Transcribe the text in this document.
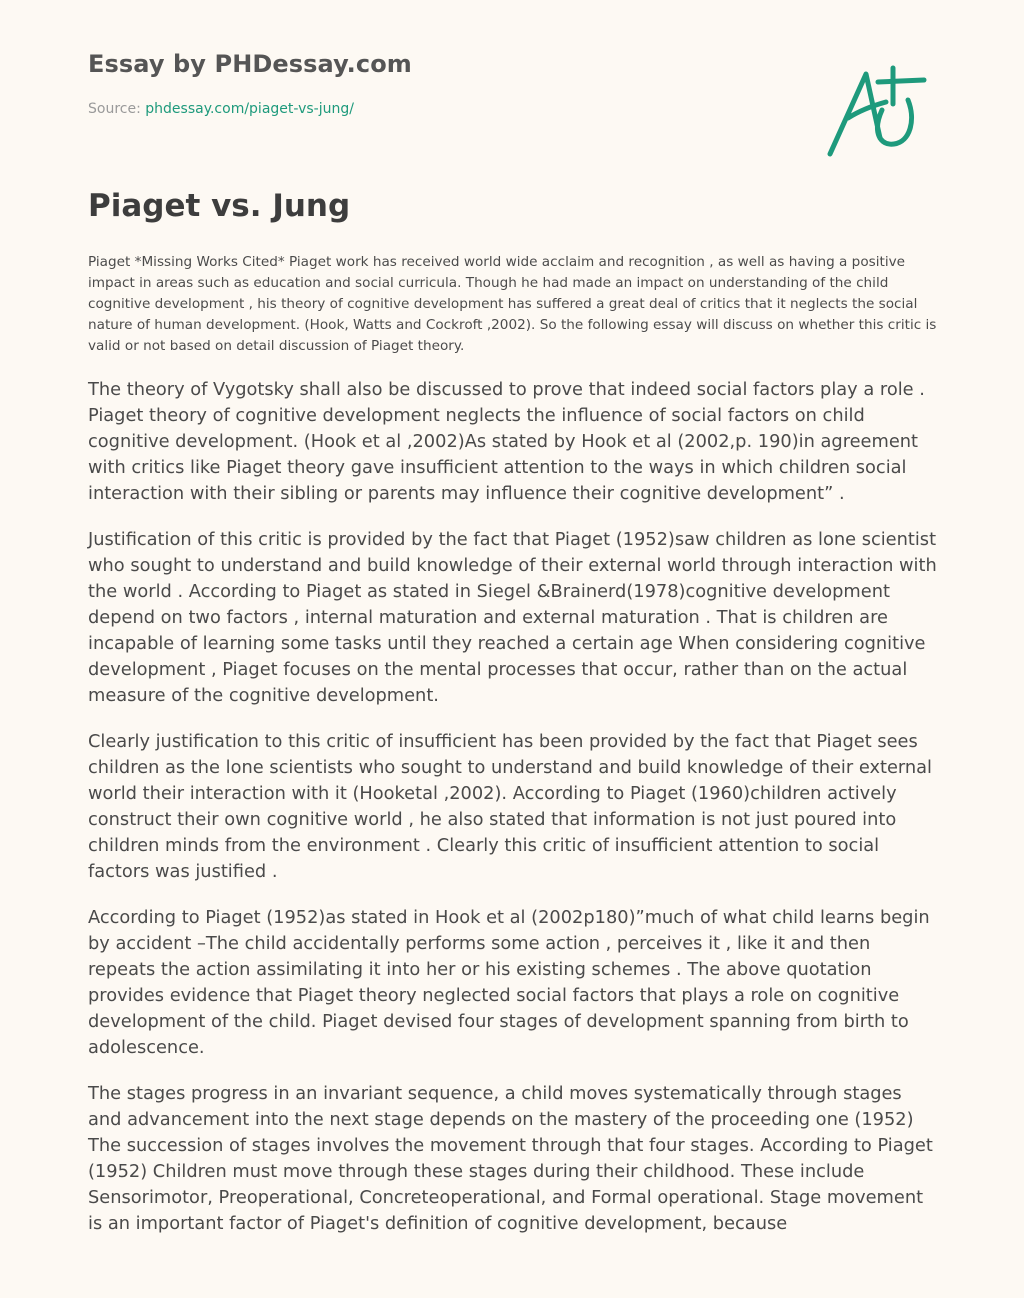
Essay by PHDessay.com
Source: phdessay.com/piaget-vs-jung/
Piaget vs. Jung

Piaget *Missing Works Cited* Piaget work has received world wide acclaim and recognition , as well as having a positive impact in areas such as education and social curricula. Though he had made an impact on understanding of the child cognitive development , his theory of cognitive development has suffered a great deal of critics that it neglects the social nature of human development. (Hook, Watts and Cockroft ,2002). So the following essay will discuss on whether this critic is valid or not based on detail discussion of Piaget theory.

The theory of Vygotsky shall also be discussed to prove that indeed social factors play a role . Piaget theory of cognitive development neglects the influence of social factors on child cognitive development. (Hook et al ,2002)As stated by Hook et al (2002,p. 190)in agreement with critics like Piaget theory gave insufficient attention to the ways in which children social interaction with their sibling or parents may influence their cognitive development” .

Justification of this critic is provided by the fact that Piaget (1952)saw children as lone scientist who sought to understand and build knowledge of their external world through interaction with the world . According to Piaget as stated in Siegel &Brainerd(1978)cognitive development depend on two factors , internal maturation and external maturation . That is children are incapable of learning some tasks until they reached a certain age When considering cognitive development , Piaget focuses on the mental processes that occur, rather than on the actual measure of the cognitive development.

Clearly justification to this critic of insufficient has been provided by the fact that Piaget sees children as the lone scientists who sought to understand and build knowledge of their external world their interaction with it (Hooketal ,2002). According to Piaget (1960)children actively construct their own cognitive world , he also stated that information is not just poured into children minds from the environment . Clearly this critic of insufficient attention to social factors was justified .

According to Piaget (1952)as stated in Hook et al (2002p180)”much of what child learns begin by accident –The child accidentally performs some action , perceives it , like it and then repeats the action assimilating it into her or his existing schemes . The above quotation provides evidence that Piaget theory neglected social factors that plays a role on cognitive development of the child. Piaget devised four stages of development spanning from birth to adolescence.

The stages progress in an invariant sequence, a child moves systematically through stages and advancement into the next stage depends on the mastery of the proceeding one (1952) The succession of stages involves the movement through that four stages. According to Piaget (1952) Children must move through these stages during their childhood. These include Sensorimotor, Preoperational, Concreteoperational, and Formal operational. Stage movement is an important factor of Piaget's definition of cognitive development, because
